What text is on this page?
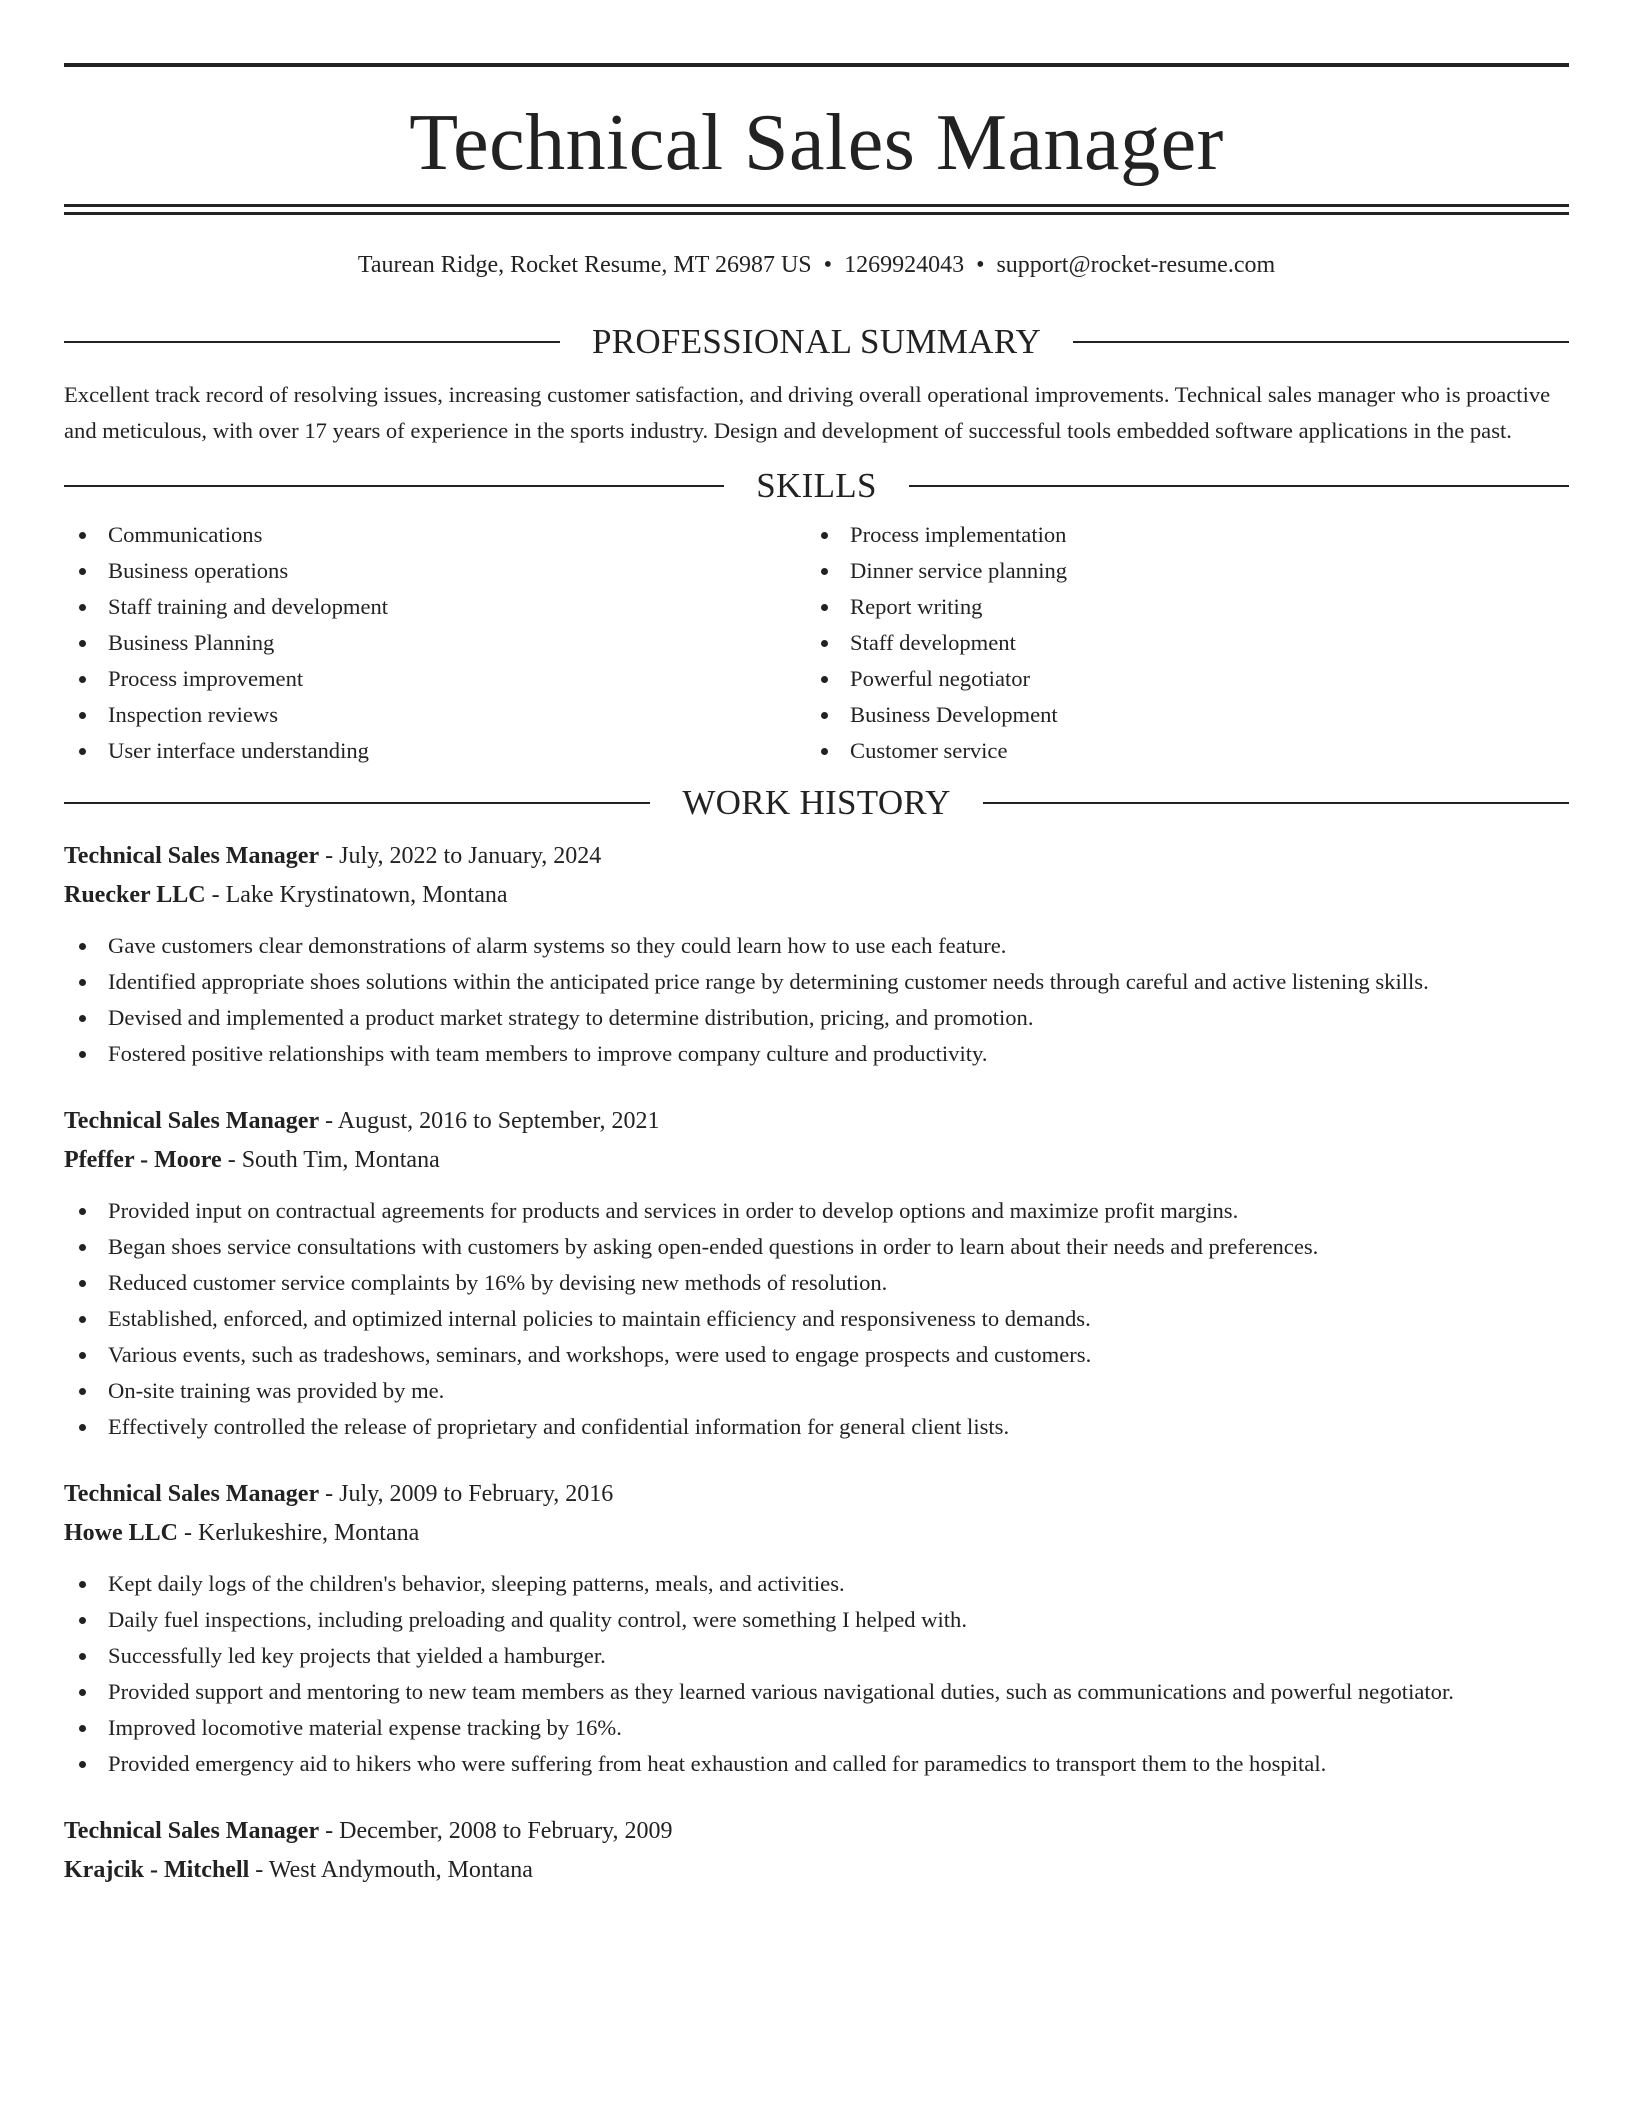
Technical Sales Manager
Taurean Ridge, Rocket Resume, MT 26987 US • 1269924043 • support@rocket-resume.com
PROFESSIONAL SUMMARY

Excellent track record of resolving issues, increasing customer satisfaction, and driving overall operational improvements. Technical sales manager who is proactive and meticulous, with over 17 years of experience in the sports industry. Design and development of successful tools embedded software applications in the past.

SKILLS
Communications
Business operations
Staff training and development
Business Planning
Process improvement
Inspection reviews
User interface understanding
Process implementation
Dinner service planning
Report writing
Staff development
Powerful negotiator
Business Development
Customer service
WORK HISTORY
Technical Sales Manager - July, 2022 to January, 2024
Ruecker LLC - Lake Krystinatown, Montana
Gave customers clear demonstrations of alarm systems so they could learn how to use each feature.
Identified appropriate shoes solutions within the anticipated price range by determining customer needs through careful and active listening skills.
Devised and implemented a product market strategy to determine distribution, pricing, and promotion.
Fostered positive relationships with team members to improve company culture and productivity.
Technical Sales Manager - August, 2016 to September, 2021
Pfeffer - Moore - South Tim, Montana
Provided input on contractual agreements for products and services in order to develop options and maximize profit margins.
Began shoes service consultations with customers by asking open-ended questions in order to learn about their needs and preferences.
Reduced customer service complaints by 16% by devising new methods of resolution.
Established, enforced, and optimized internal policies to maintain efficiency and responsiveness to demands.
Various events, such as tradeshows, seminars, and workshops, were used to engage prospects and customers.
On-site training was provided by me.
Effectively controlled the release of proprietary and confidential information for general client lists.
Technical Sales Manager - July, 2009 to February, 2016
Howe LLC - Kerlukeshire, Montana
Kept daily logs of the children's behavior, sleeping patterns, meals, and activities.
Daily fuel inspections, including preloading and quality control, were something I helped with.
Successfully led key projects that yielded a hamburger.
Provided support and mentoring to new team members as they learned various navigational duties, such as communications and powerful negotiator.
Improved locomotive material expense tracking by 16%.
Provided emergency aid to hikers who were suffering from heat exhaustion and called for paramedics to transport them to the hospital.
Technical Sales Manager - December, 2008 to February, 2009
Krajcik - Mitchell - West Andymouth, Montana
